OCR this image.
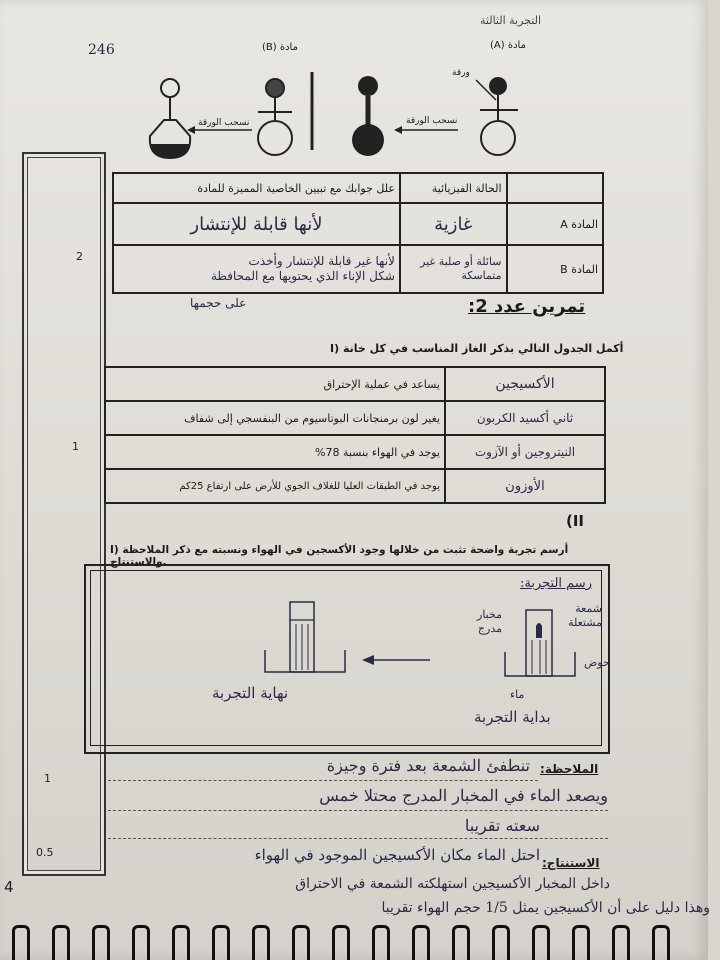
التجربة الثالثة
246	(B) مادة	(A) مادة
ورقة
نسحب الورقة	نسحب الورقة
2
1
1
0.5
4
علل جوابك مع تبيين الخاصية المميزة للمادة	الحالة الفيزيائية	
لأنها قابلة للإنتشار	غازية	المادة A

لأنها غير قابلة للإنتشار وأخذت
شكل الإناء الذي يحتويها مع المحافظة	سائلة أو صلبة غير متماسكة	المادة B
على حجمها	تمرين عدد 2:
I) أكمل الجدول التالي بذكر الغاز المناسب في كل خانة
يساعد في عملية الإحتراق	الأكسيجين
يغير لون برمنجانات البوتاسيوم من البنفسجي إلى شفاف	ثاني أكسيد الكربون
يوجد في الهواء بنسبة 78%	النيتروجين أو الآزوت
يوجد في الطبقات العليا للغلاف الجوي للأرض على ارتفاع 25كم	الأوزون
(II
I) أرسم تجربة واضحة تثبت من خلالها وجود الأكسجين في الهواء ونسبته مع ذكر الملاحظة والاستنتاج.
رسم التجربة:
شمعة مشتعلة
مخبار مدرج
حوض
ماء
بداية التجربة
نهاية التجربة
الملاحظة:
تنطفئ الشمعة بعد فترة وجيزة
ويصعد الماء في المخبار المدرج محتلا خمس
سعته تقريبا
الاستنتاج:
احتل الماء مكان الأكسيجين الموجود في الهواء
داخل المخبار الأكسيجين استهلكته الشمعة في الاحتراق
وهذا دليل على أن الأكسيجين يمثل 1/5 حجم الهواء تقريبا
